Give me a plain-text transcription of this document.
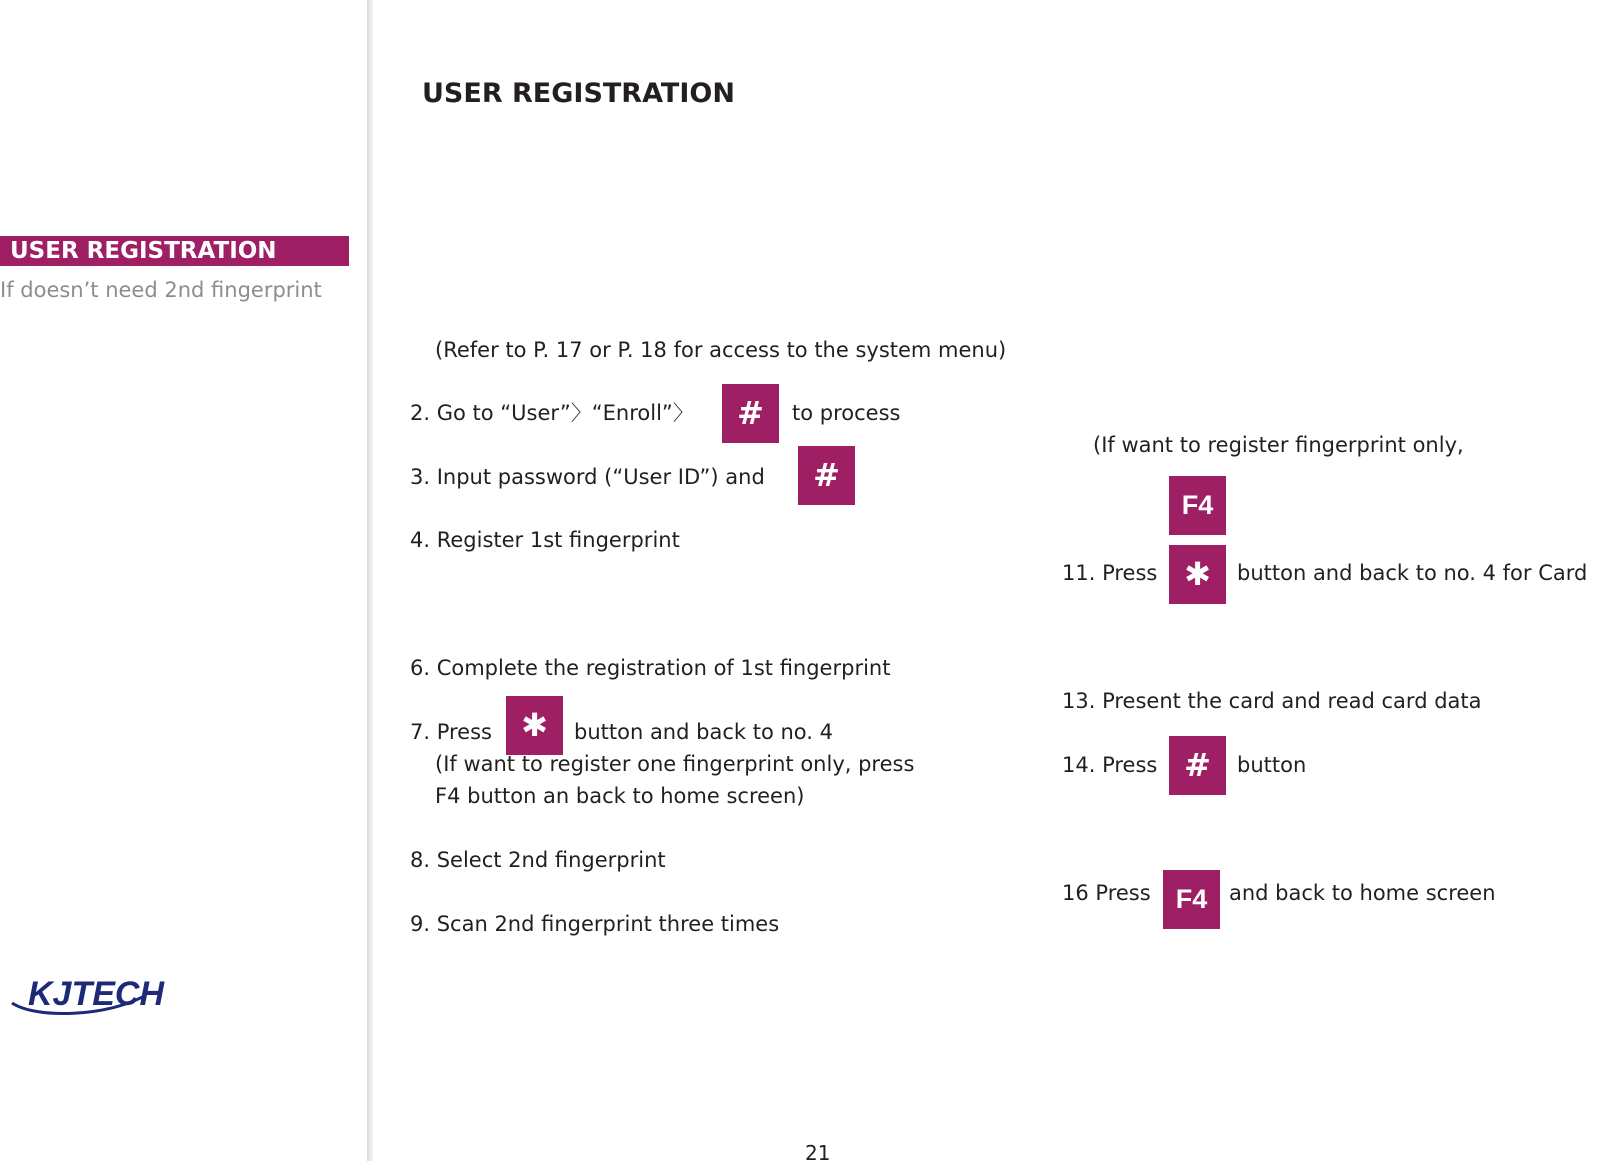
USER REGISTRATION
If doesn’t need 2nd fingerprint
KJTECH
USER REGISTRATION
(Refer to P. 17 or P. 18 for access to the system menu)
2. Go to “User”〉“Enroll”〉	#	to process
3. Input password (“User ID”) and	#
4. Register 1st fingerprint
6. Complete the registration of 1st fingerprint
7. Press ✱	button and back to no. 4
(If want to register one fingerprint only, press
F4 button an back to home screen)
8. Select 2nd fingerprint
9. Scan 2nd fingerprint three times
(If want to register fingerprint only,
F4
11. Press ✱	button and back to no. 4 for Card
13. Present the card and read card data
14. Press #	button
16 Press F4	and back to home screen
21
